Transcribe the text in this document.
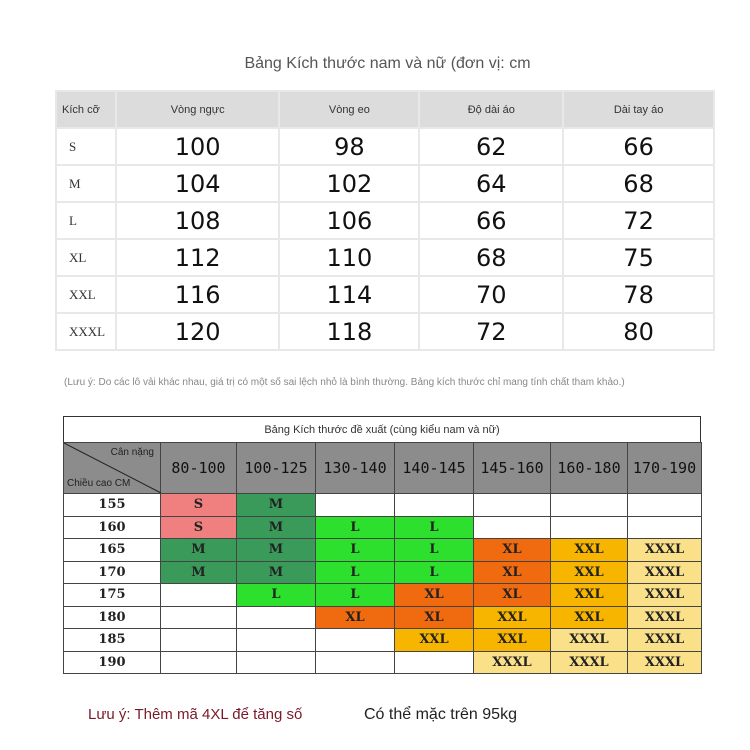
Bảng Kích thước nam và nữ (đơn vị: cm
Kích cỡ	Vòng ngực	Vòng eo	Độ dài áo	Dài tay áo
S	100	98	62	66
M	104	102	64	68
L	108	106	66	72
XL	112	110	68	75
XXL	116	114	70	78
XXXL	120	118	72	80
(Lưu ý: Do các lô vải khác nhau, giá trị có một số sai lệch nhỏ là bình thường. Bảng kích thước chỉ mang tính chất tham khảo.)
Bảng Kích thước đề xuất (cùng kiểu nam và nữ)
Cân nặng
Chiều cao CM	80-100	100-125	130-140	140-145	145-160	160-180	170-190
155	S	M					
160	S	M	L	L			
165	M	M	L	L	XL	XXL	XXXL
170	M	M	L	L	XL	XXL	XXXL
175		L	L	XL	XL	XXL	XXXL
180			XL	XL	XXL	XXL	XXXL
185				XXL	XXL	XXXL	XXXL
190					XXXL	XXXL	XXXL
Lưu ý: Thêm mã 4XL để tăng số	Có thể mặc trên 95kg
